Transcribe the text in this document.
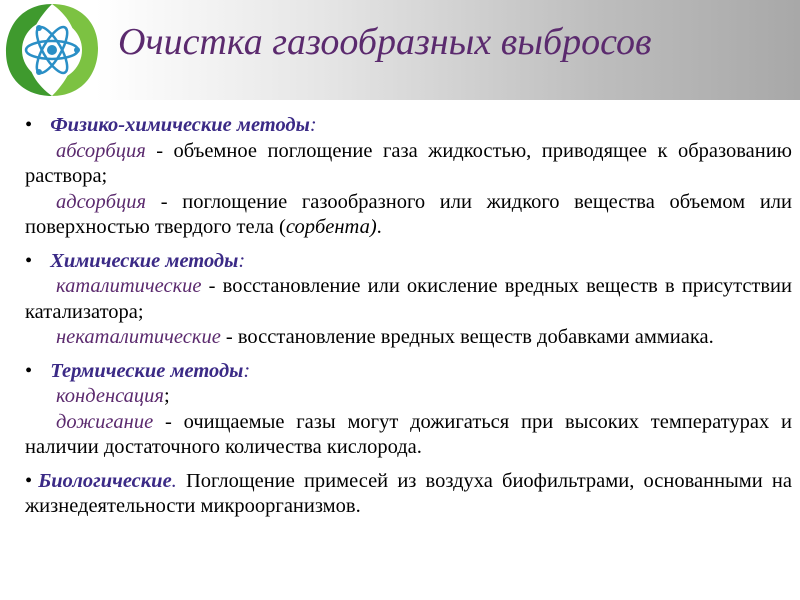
Очистка газообразных выбросов
• Физико-химические методы:
абсорбция - объемное поглощение газа жидкостью, приводящее к образованию раствора;
адсорбция - поглощение газообразного или жидкого вещества объемом или поверхностью твердого тела (сорбента).
• Химические методы:
каталитические - восстановление или окисление вредных веществ в присутствии катализатора;
некаталитические - восстановление вредных веществ добавками аммиака.
• Термические методы:
конденсация;
дожигание - очищаемые газы могут дожигаться при высоких температурах и наличии достаточного количества кислорода.
• Биологические. Поглощение примесей из воздуха биофильтрами, основанными на жизнедеятельности микроорганизмов.
